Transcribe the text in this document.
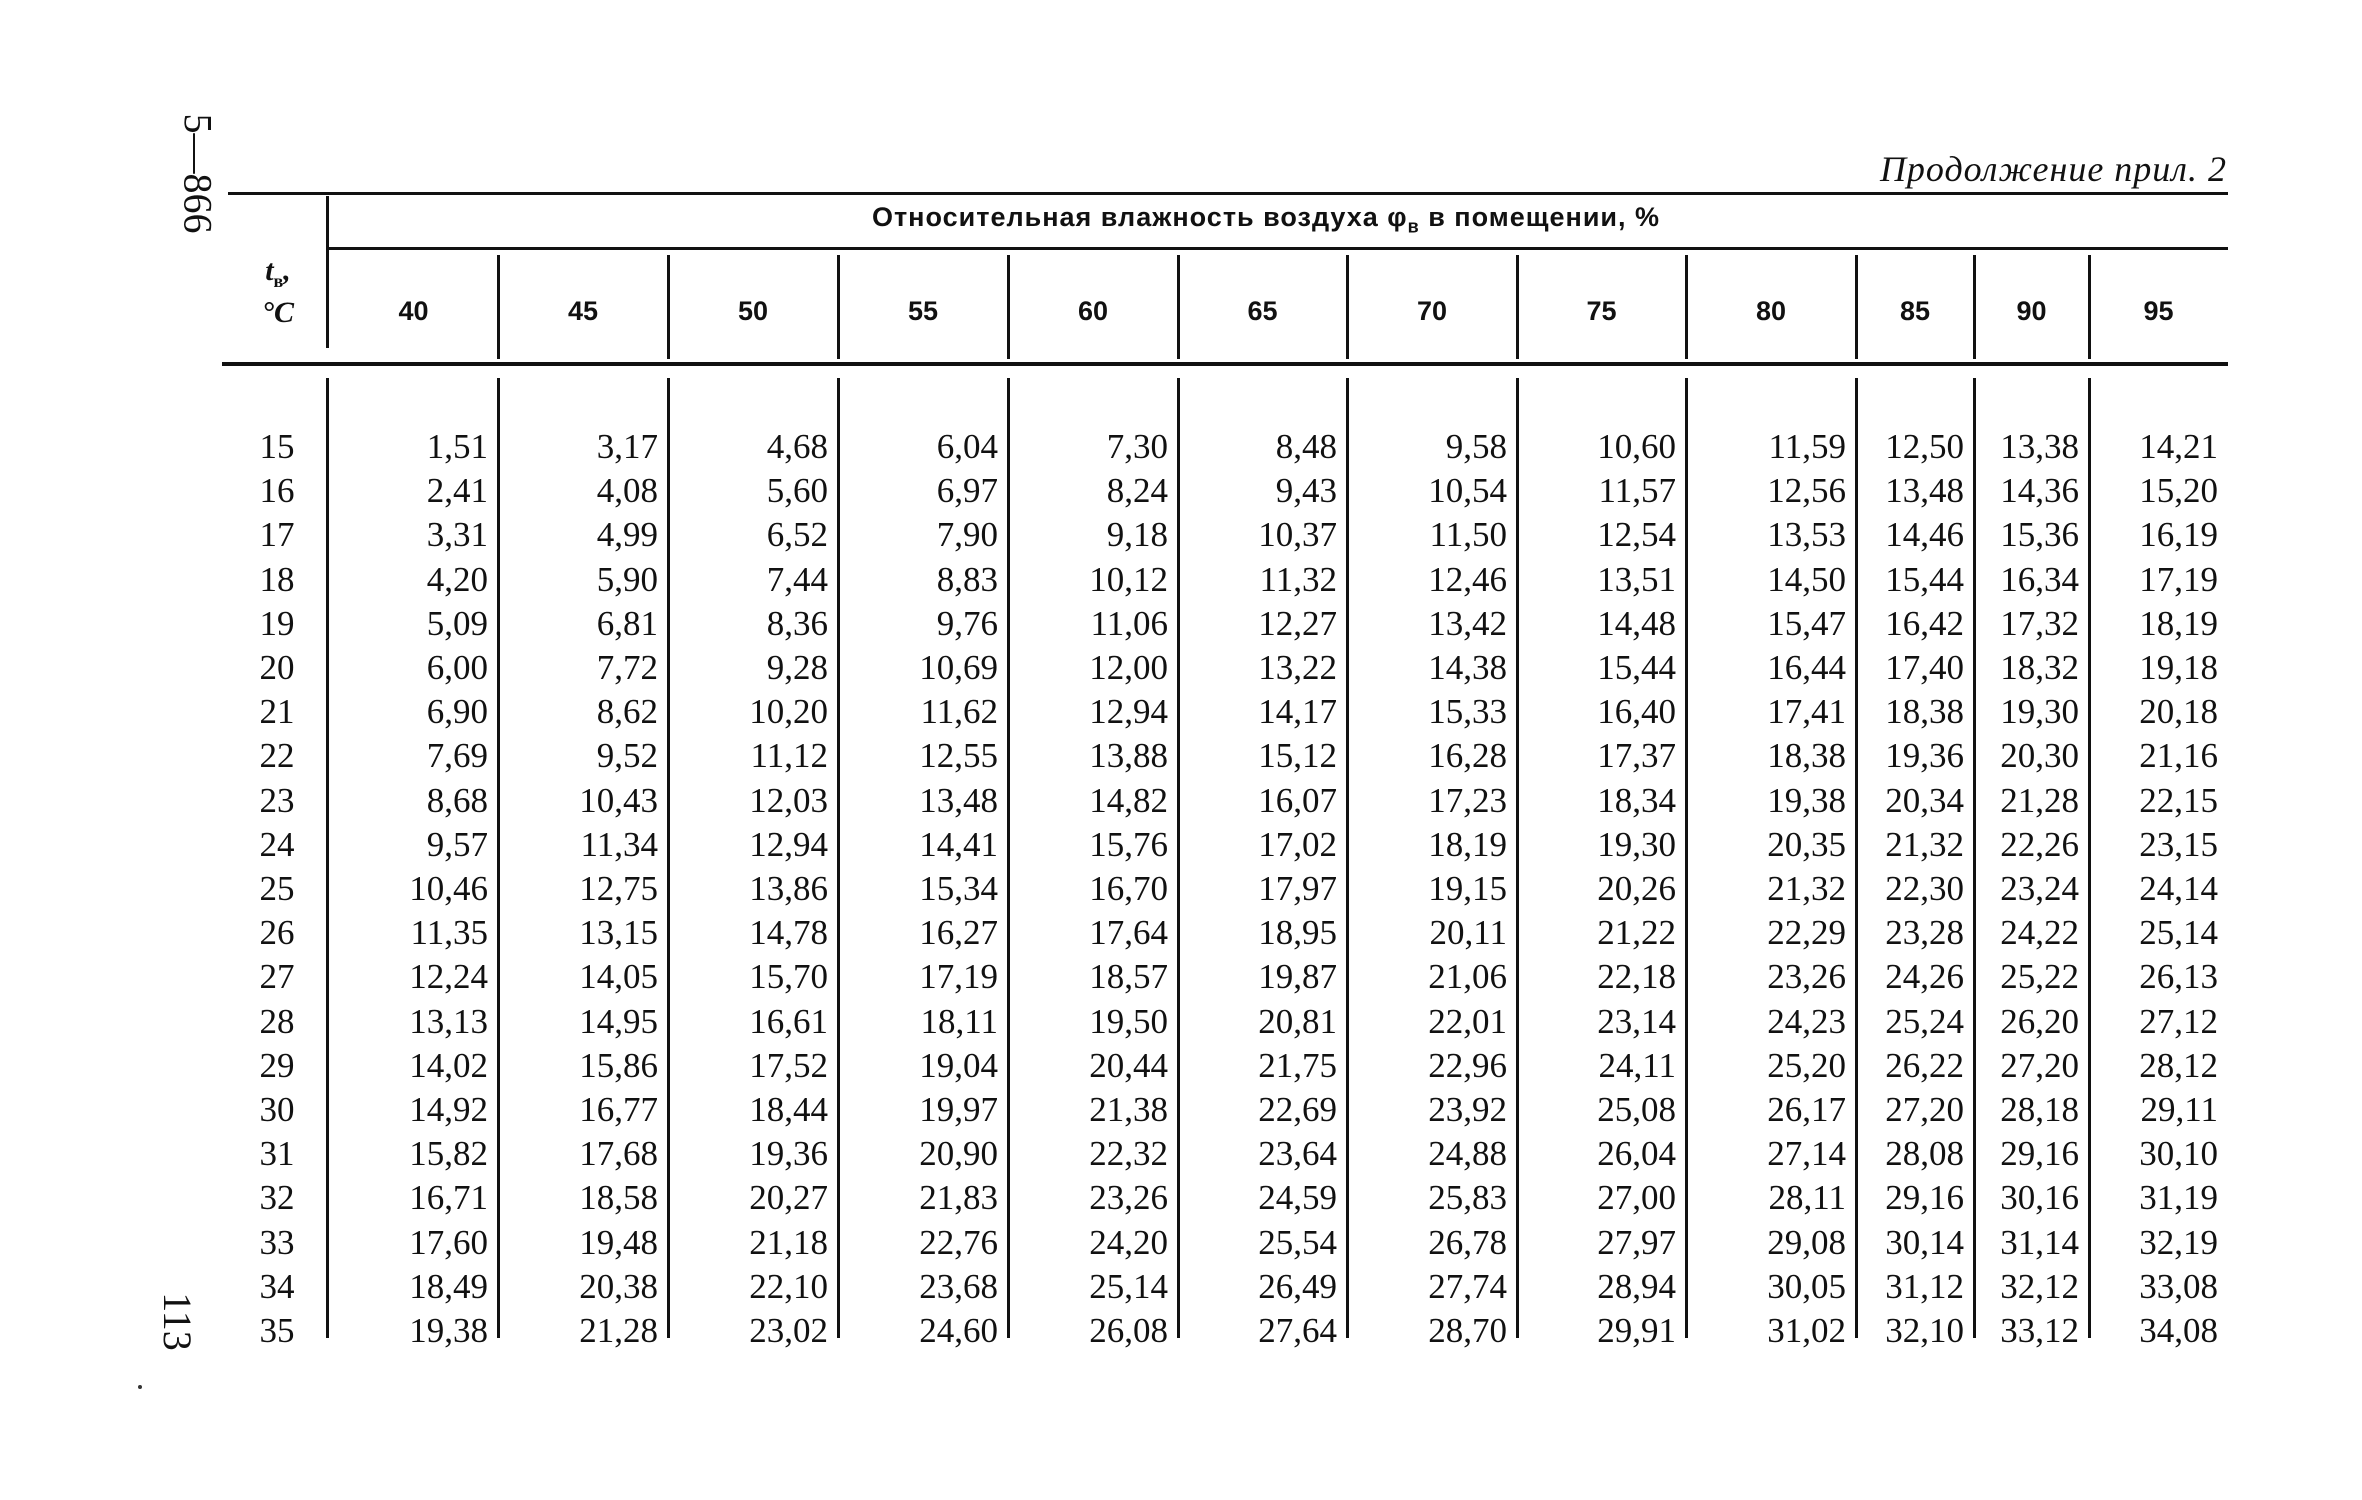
5—866
113
Продолжение прил. 2
Относительная влажность воздуха $\varphi_в$ в помещении, %
$t_в$,
°C	40	45	50	55	60	65	70	75	80	85	90	95
15	1,51	3,17	4,68	6,04	7,30	8,48	9,58	10,60	11,59	12,50	13,38	14,21
16	2,41	4,08	5,60	6,97	8,24	9,43	10,54	11,57	12,56	13,48	14,36	15,20
17	3,31	4,99	6,52	7,90	9,18	10,37	11,50	12,54	13,53	14,46	15,36	16,19
18	4,20	5,90	7,44	8,83	10,12	11,32	12,46	13,51	14,50	15,44	16,34	17,19
19	5,09	6,81	8,36	9,76	11,06	12,27	13,42	14,48	15,47	16,42	17,32	18,19
20	6,00	7,72	9,28	10,69	12,00	13,22	14,38	15,44	16,44	17,40	18,32	19,18
21	6,90	8,62	10,20	11,62	12,94	14,17	15,33	16,40	17,41	18,38	19,30	20,18
22	7,69	9,52	11,12	12,55	13,88	15,12	16,28	17,37	18,38	19,36	20,30	21,16
23	8,68	10,43	12,03	13,48	14,82	16,07	17,23	18,34	19,38	20,34	21,28	22,15
24	9,57	11,34	12,94	14,41	15,76	17,02	18,19	19,30	20,35	21,32	22,26	23,15
25	10,46	12,75	13,86	15,34	16,70	17,97	19,15	20,26	21,32	22,30	23,24	24,14
26	11,35	13,15	14,78	16,27	17,64	18,95	20,11	21,22	22,29	23,28	24,22	25,14
27	12,24	14,05	15,70	17,19	18,57	19,87	21,06	22,18	23,26	24,26	25,22	26,13
28	13,13	14,95	16,61	18,11	19,50	20,81	22,01	23,14	24,23	25,24	26,20	27,12
29	14,02	15,86	17,52	19,04	20,44	21,75	22,96	24,11	25,20	26,22	27,20	28,12
30	14,92	16,77	18,44	19,97	21,38	22,69	23,92	25,08	26,17	27,20	28,18	29,11
31	15,82	17,68	19,36	20,90	22,32	23,64	24,88	26,04	27,14	28,08	29,16	30,10
32	16,71	18,58	20,27	21,83	23,26	24,59	25,83	27,00	28,11	29,16	30,16	31,19
33	17,60	19,48	21,18	22,76	24,20	25,54	26,78	27,97	29,08	30,14	31,14	32,19
34	18,49	20,38	22,10	23,68	25,14	26,49	27,74	28,94	30,05	31,12	32,12	33,08
35	19,38	21,28	23,02	24,60	26,08	27,64	28,70	29,91	31,02	32,10	33,12	34,08
